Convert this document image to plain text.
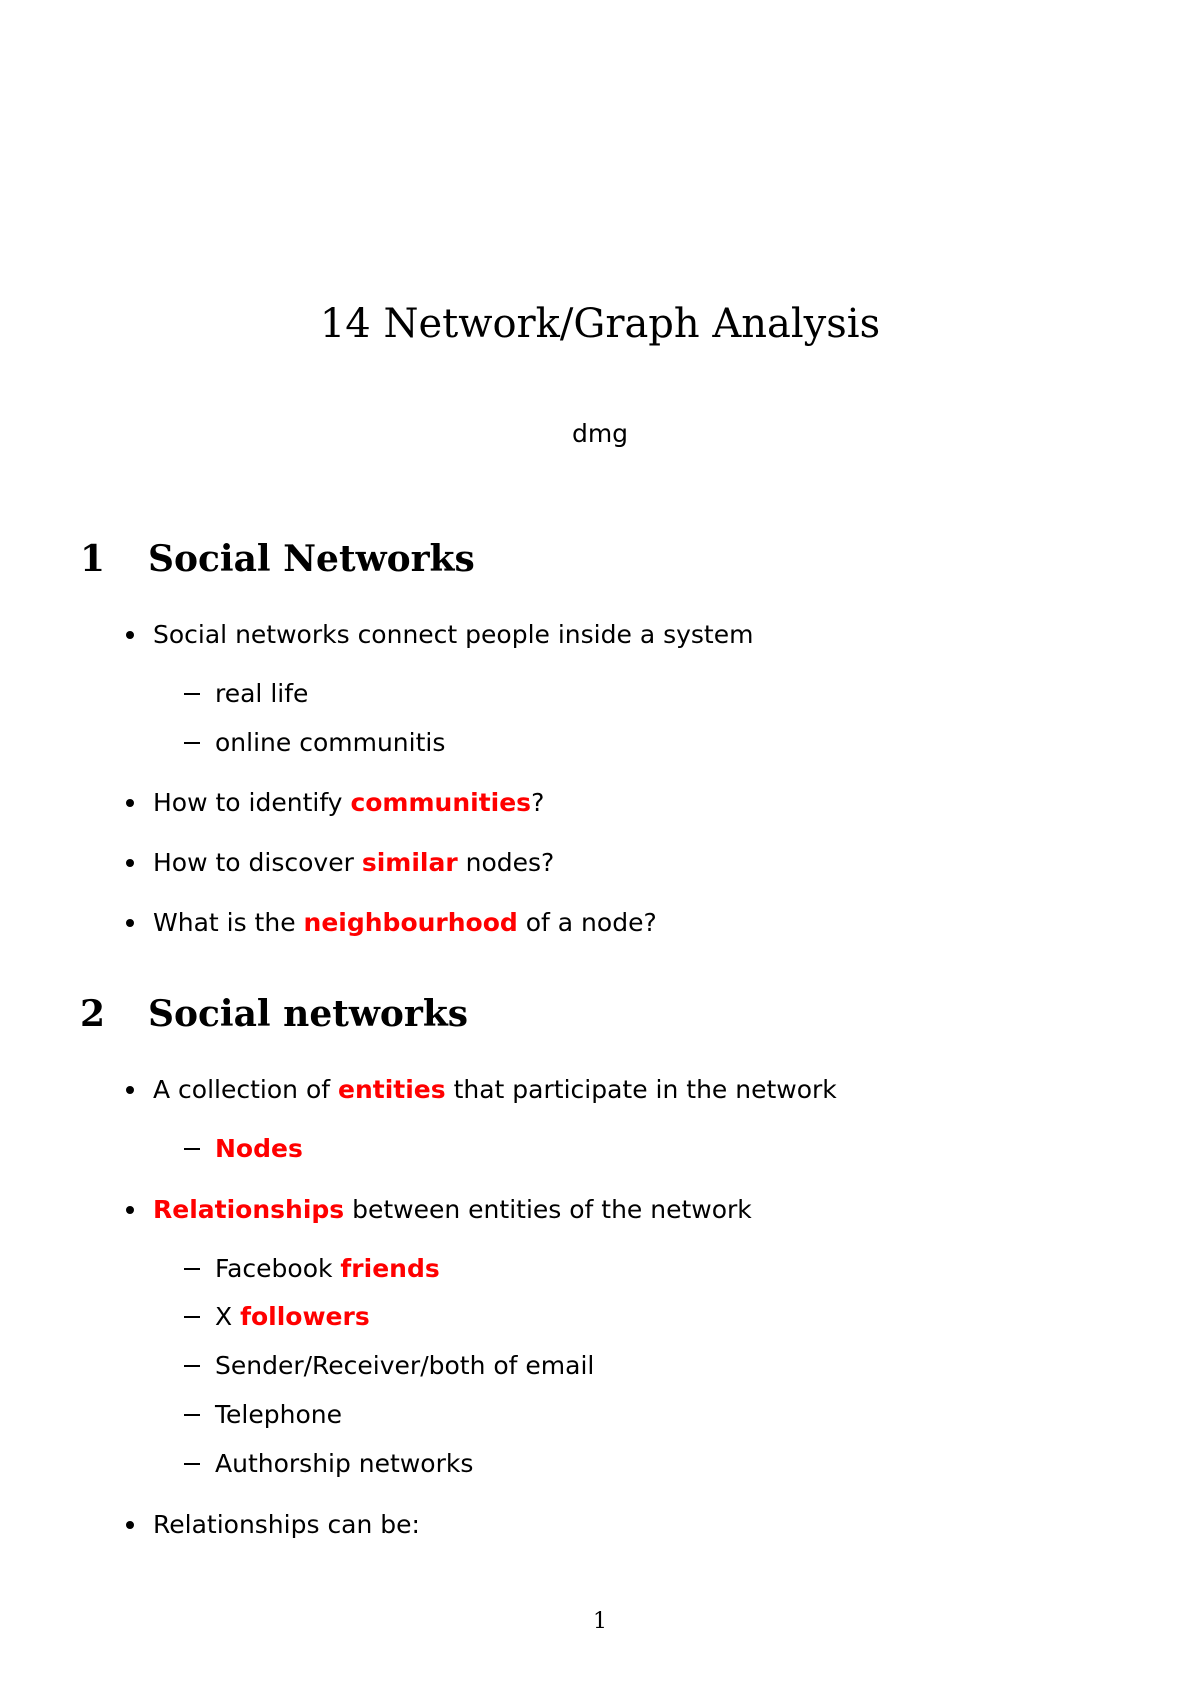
14 Network/Graph Analysis
dmg
1 Social Networks
Social networks connect people inside a system
real life
online communitis
How to identify communities?
How to discover similar nodes?
What is the neighbourhood of a node?
2 Social networks
A collection of entities that participate in the network
Nodes
Relationships between entities of the network
Facebook friends
X followers
Sender/Receiver/both of email
Telephone
Authorship networks
Relationships can be:
1
